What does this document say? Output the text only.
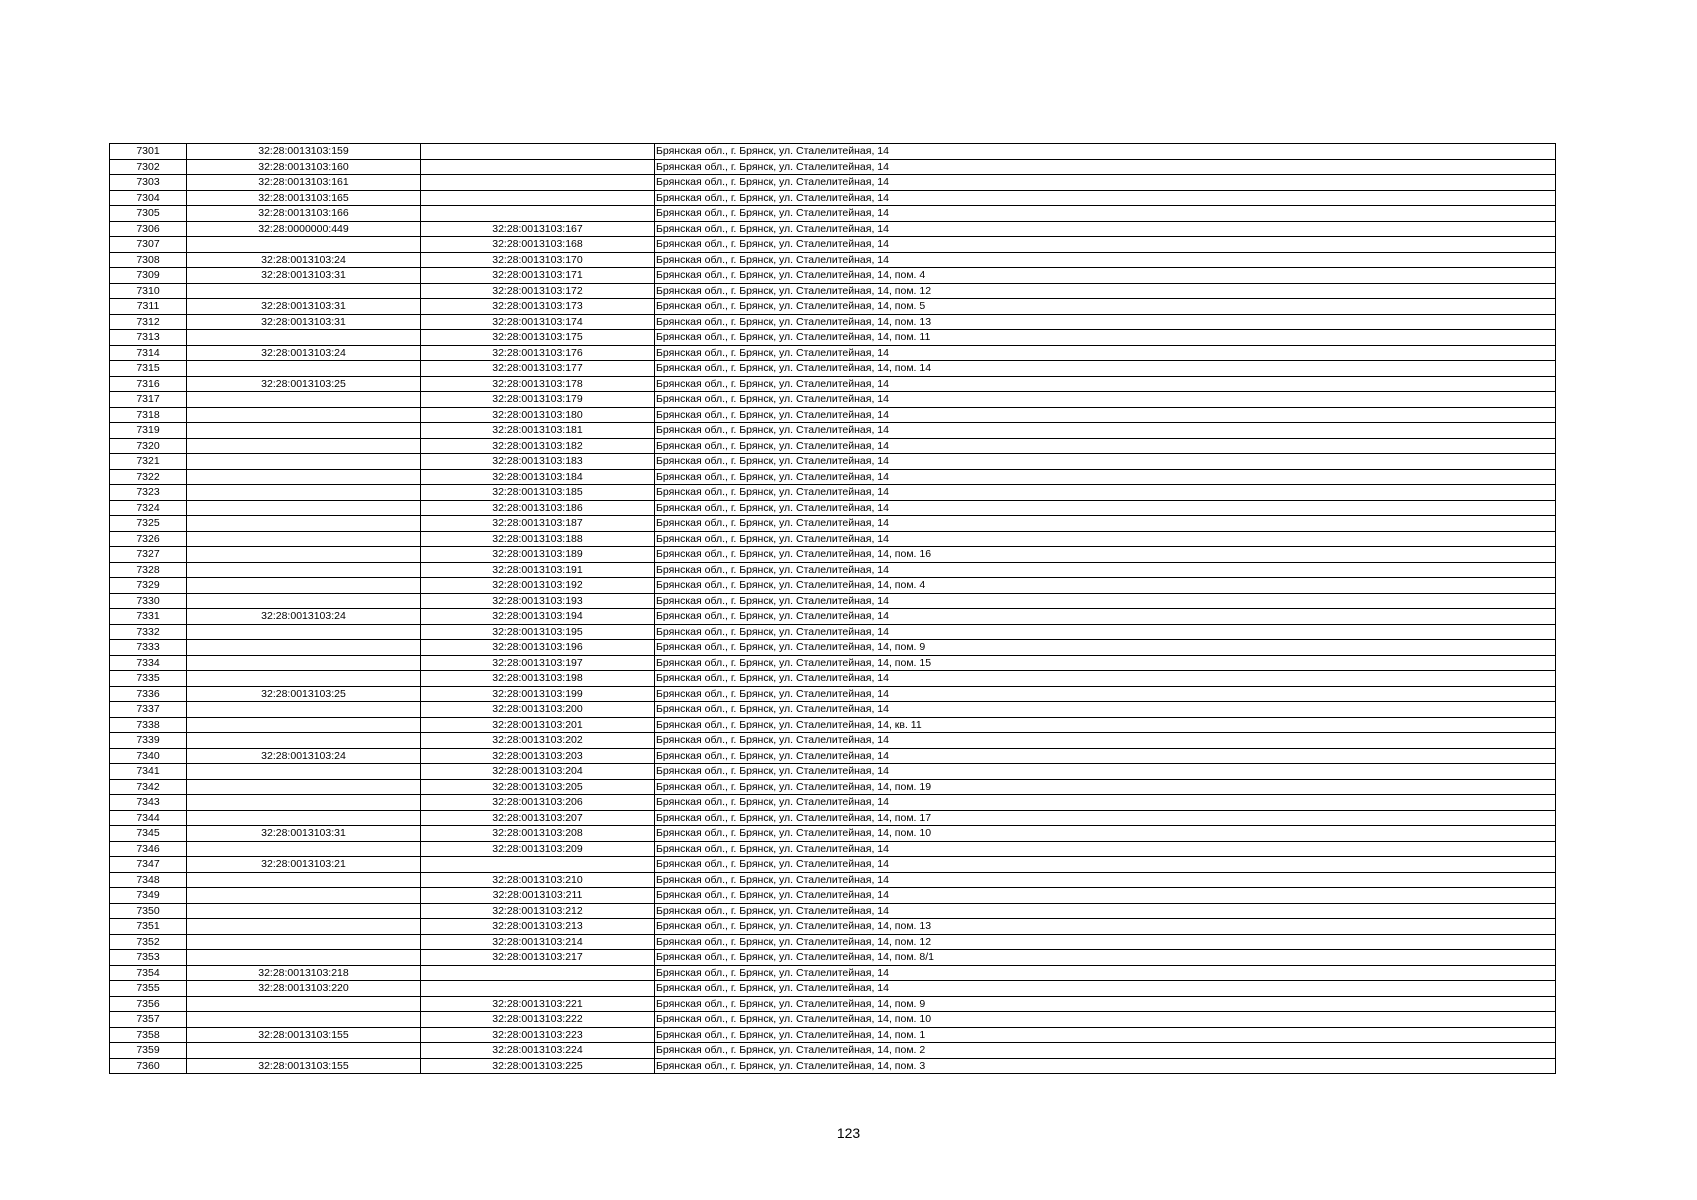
7301	32:28:0013103:159		Брянская обл., г. Брянск, ул. Сталелитейная, 14
7302	32:28:0013103:160		Брянская обл., г. Брянск, ул. Сталелитейная, 14
7303	32:28:0013103:161		Брянская обл., г. Брянск, ул. Сталелитейная, 14
7304	32:28:0013103:165		Брянская обл., г. Брянск, ул. Сталелитейная, 14
7305	32:28:0013103:166		Брянская обл., г. Брянск, ул. Сталелитейная, 14
7306	32:28:0000000:449	32:28:0013103:167	Брянская обл., г. Брянск, ул. Сталелитейная, 14
7307		32:28:0013103:168	Брянская обл., г. Брянск, ул. Сталелитейная, 14
7308	32:28:0013103:24	32:28:0013103:170	Брянская обл., г. Брянск, ул. Сталелитейная, 14
7309	32:28:0013103:31	32:28:0013103:171	Брянская обл., г. Брянск, ул. Сталелитейная, 14, пом. 4
7310		32:28:0013103:172	Брянская обл., г. Брянск, ул. Сталелитейная, 14, пом. 12
7311	32:28:0013103:31	32:28:0013103:173	Брянская обл., г. Брянск, ул. Сталелитейная, 14, пом. 5
7312	32:28:0013103:31	32:28:0013103:174	Брянская обл., г. Брянск, ул. Сталелитейная, 14, пом. 13
7313		32:28:0013103:175	Брянская обл., г. Брянск, ул. Сталелитейная, 14, пом. 11
7314	32:28:0013103:24	32:28:0013103:176	Брянская обл., г. Брянск, ул. Сталелитейная, 14
7315		32:28:0013103:177	Брянская обл., г. Брянск, ул. Сталелитейная, 14, пом. 14
7316	32:28:0013103:25	32:28:0013103:178	Брянская обл., г. Брянск, ул. Сталелитейная, 14
7317		32:28:0013103:179	Брянская обл., г. Брянск, ул. Сталелитейная, 14
7318		32:28:0013103:180	Брянская обл., г. Брянск, ул. Сталелитейная, 14
7319		32:28:0013103:181	Брянская обл., г. Брянск, ул. Сталелитейная, 14
7320		32:28:0013103:182	Брянская обл., г. Брянск, ул. Сталелитейная, 14
7321		32:28:0013103:183	Брянская обл., г. Брянск, ул. Сталелитейная, 14
7322		32:28:0013103:184	Брянская обл., г. Брянск, ул. Сталелитейная, 14
7323		32:28:0013103:185	Брянская обл., г. Брянск, ул. Сталелитейная, 14
7324		32:28:0013103:186	Брянская обл., г. Брянск, ул. Сталелитейная, 14
7325		32:28:0013103:187	Брянская обл., г. Брянск, ул. Сталелитейная, 14
7326		32:28:0013103:188	Брянская обл., г. Брянск, ул. Сталелитейная, 14
7327		32:28:0013103:189	Брянская обл., г. Брянск, ул. Сталелитейная, 14, пом. 16
7328		32:28:0013103:191	Брянская обл., г. Брянск, ул. Сталелитейная, 14
7329		32:28:0013103:192	Брянская обл., г. Брянск, ул. Сталелитейная, 14, пом. 4
7330		32:28:0013103:193	Брянская обл., г. Брянск, ул. Сталелитейная, 14
7331	32:28:0013103:24	32:28:0013103:194	Брянская обл., г. Брянск, ул. Сталелитейная, 14
7332		32:28:0013103:195	Брянская обл., г. Брянск, ул. Сталелитейная, 14
7333		32:28:0013103:196	Брянская обл., г. Брянск, ул. Сталелитейная, 14, пом. 9
7334		32:28:0013103:197	Брянская обл., г. Брянск, ул. Сталелитейная, 14, пом. 15
7335		32:28:0013103:198	Брянская обл., г. Брянск, ул. Сталелитейная, 14
7336	32:28:0013103:25	32:28:0013103:199	Брянская обл., г. Брянск, ул. Сталелитейная, 14
7337		32:28:0013103:200	Брянская обл., г. Брянск, ул. Сталелитейная, 14
7338		32:28:0013103:201	Брянская обл., г. Брянск, ул. Сталелитейная, 14, кв. 11
7339		32:28:0013103:202	Брянская обл., г. Брянск, ул. Сталелитейная, 14
7340	32:28:0013103:24	32:28:0013103:203	Брянская обл., г. Брянск, ул. Сталелитейная, 14
7341		32:28:0013103:204	Брянская обл., г. Брянск, ул. Сталелитейная, 14
7342		32:28:0013103:205	Брянская обл., г. Брянск, ул. Сталелитейная, 14, пом. 19
7343		32:28:0013103:206	Брянская обл., г. Брянск, ул. Сталелитейная, 14
7344		32:28:0013103:207	Брянская обл., г. Брянск, ул. Сталелитейная, 14, пом. 17
7345	32:28:0013103:31	32:28:0013103:208	Брянская обл., г. Брянск, ул. Сталелитейная, 14, пом. 10
7346		32:28:0013103:209	Брянская обл., г. Брянск, ул. Сталелитейная, 14
7347	32:28:0013103:21		Брянская обл., г. Брянск, ул. Сталелитейная, 14
7348		32:28:0013103:210	Брянская обл., г. Брянск, ул. Сталелитейная, 14
7349		32:28:0013103:211	Брянская обл., г. Брянск, ул. Сталелитейная, 14
7350		32:28:0013103:212	Брянская обл., г. Брянск, ул. Сталелитейная, 14
7351		32:28:0013103:213	Брянская обл., г. Брянск, ул. Сталелитейная, 14, пом. 13
7352		32:28:0013103:214	Брянская обл., г. Брянск, ул. Сталелитейная, 14, пом. 12
7353		32:28:0013103:217	Брянская обл., г. Брянск, ул. Сталелитейная, 14, пом. 8/1
7354	32:28:0013103:218		Брянская обл., г. Брянск, ул. Сталелитейная, 14
7355	32:28:0013103:220		Брянская обл., г. Брянск, ул. Сталелитейная, 14
7356		32:28:0013103:221	Брянская обл., г. Брянск, ул. Сталелитейная, 14, пом. 9
7357		32:28:0013103:222	Брянская обл., г. Брянск, ул. Сталелитейная, 14, пом. 10
7358	32:28:0013103:155	32:28:0013103:223	Брянская обл., г. Брянск, ул. Сталелитейная, 14, пом. 1
7359		32:28:0013103:224	Брянская обл., г. Брянск, ул. Сталелитейная, 14, пом. 2
7360	32:28:0013103:155	32:28:0013103:225	Брянская обл., г. Брянск, ул. Сталелитейная, 14, пом. 3
123
